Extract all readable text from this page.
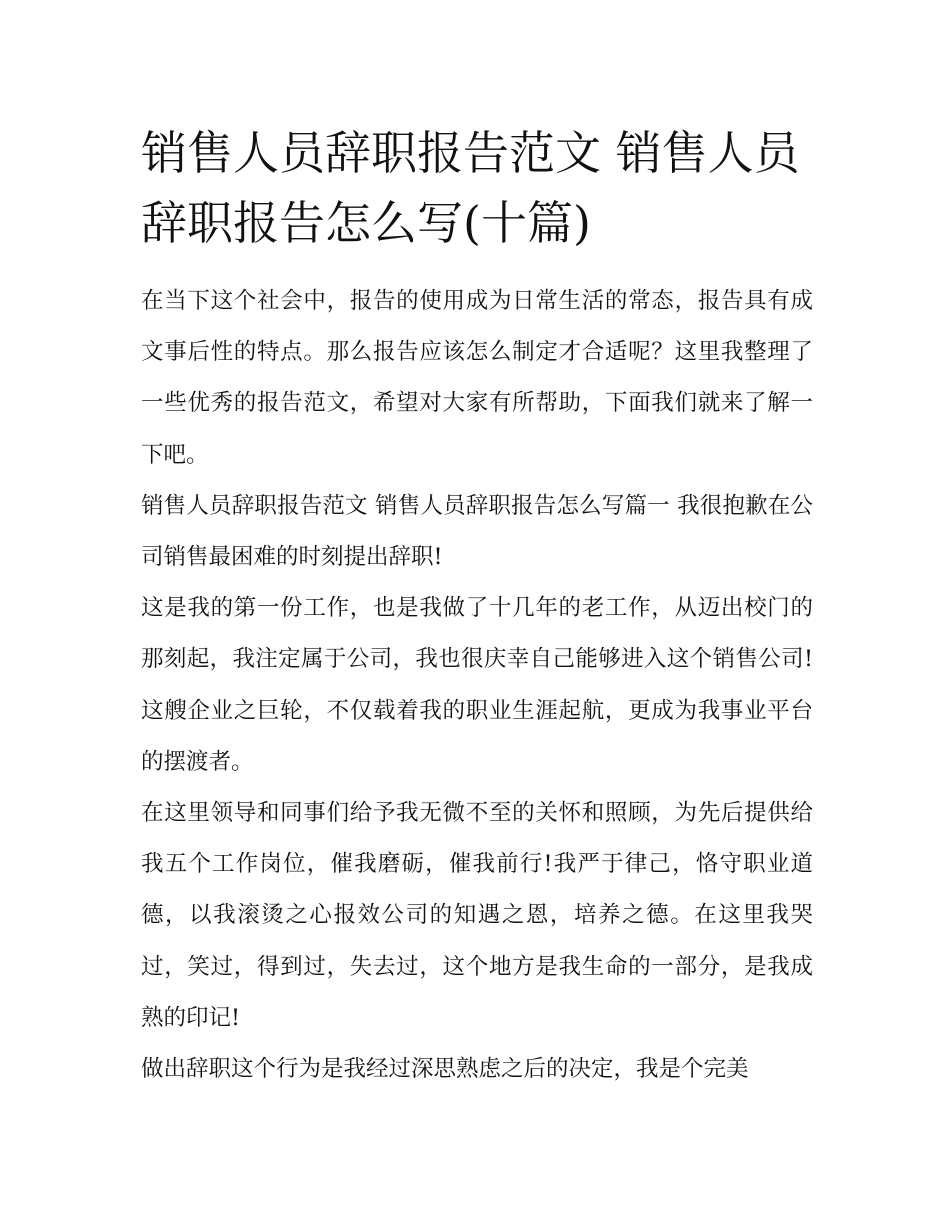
销售人员辞职报告范文 销售人员辞职报告怎么写(十篇)

在当下这个社会中，报告的使用成为日常生活的常态，报告具有成文事后性的特点。那么报告应该怎么制定才合适呢？这里我整理了一些优秀的报告范文，希望对大家有所帮助，下面我们就来了解一下吧。

销售人员辞职报告范文 销售人员辞职报告怎么写篇一 我很抱歉在公司销售最困难的时刻提出辞职!

这是我的第一份工作，也是我做了十几年的老工作，从迈出校门的那刻起，我注定属于公司，我也很庆幸自己能够进入这个销售公司!这艘企业之巨轮，不仅载着我的职业生涯起航，更成为我事业平台的摆渡者。

在这里领导和同事们给予我无微不至的关怀和照顾，为先后提供给我五个工作岗位，催我磨砺，催我前行!我严于律己，恪守职业道德，以我滚烫之心报效公司的知遇之恩，培养之德。在这里我哭过，笑过，得到过，失去过，这个地方是我生命的一部分，是我成熟的印记!

做出辞职这个行为是我经过深思熟虑之后的决定，我是个完美
